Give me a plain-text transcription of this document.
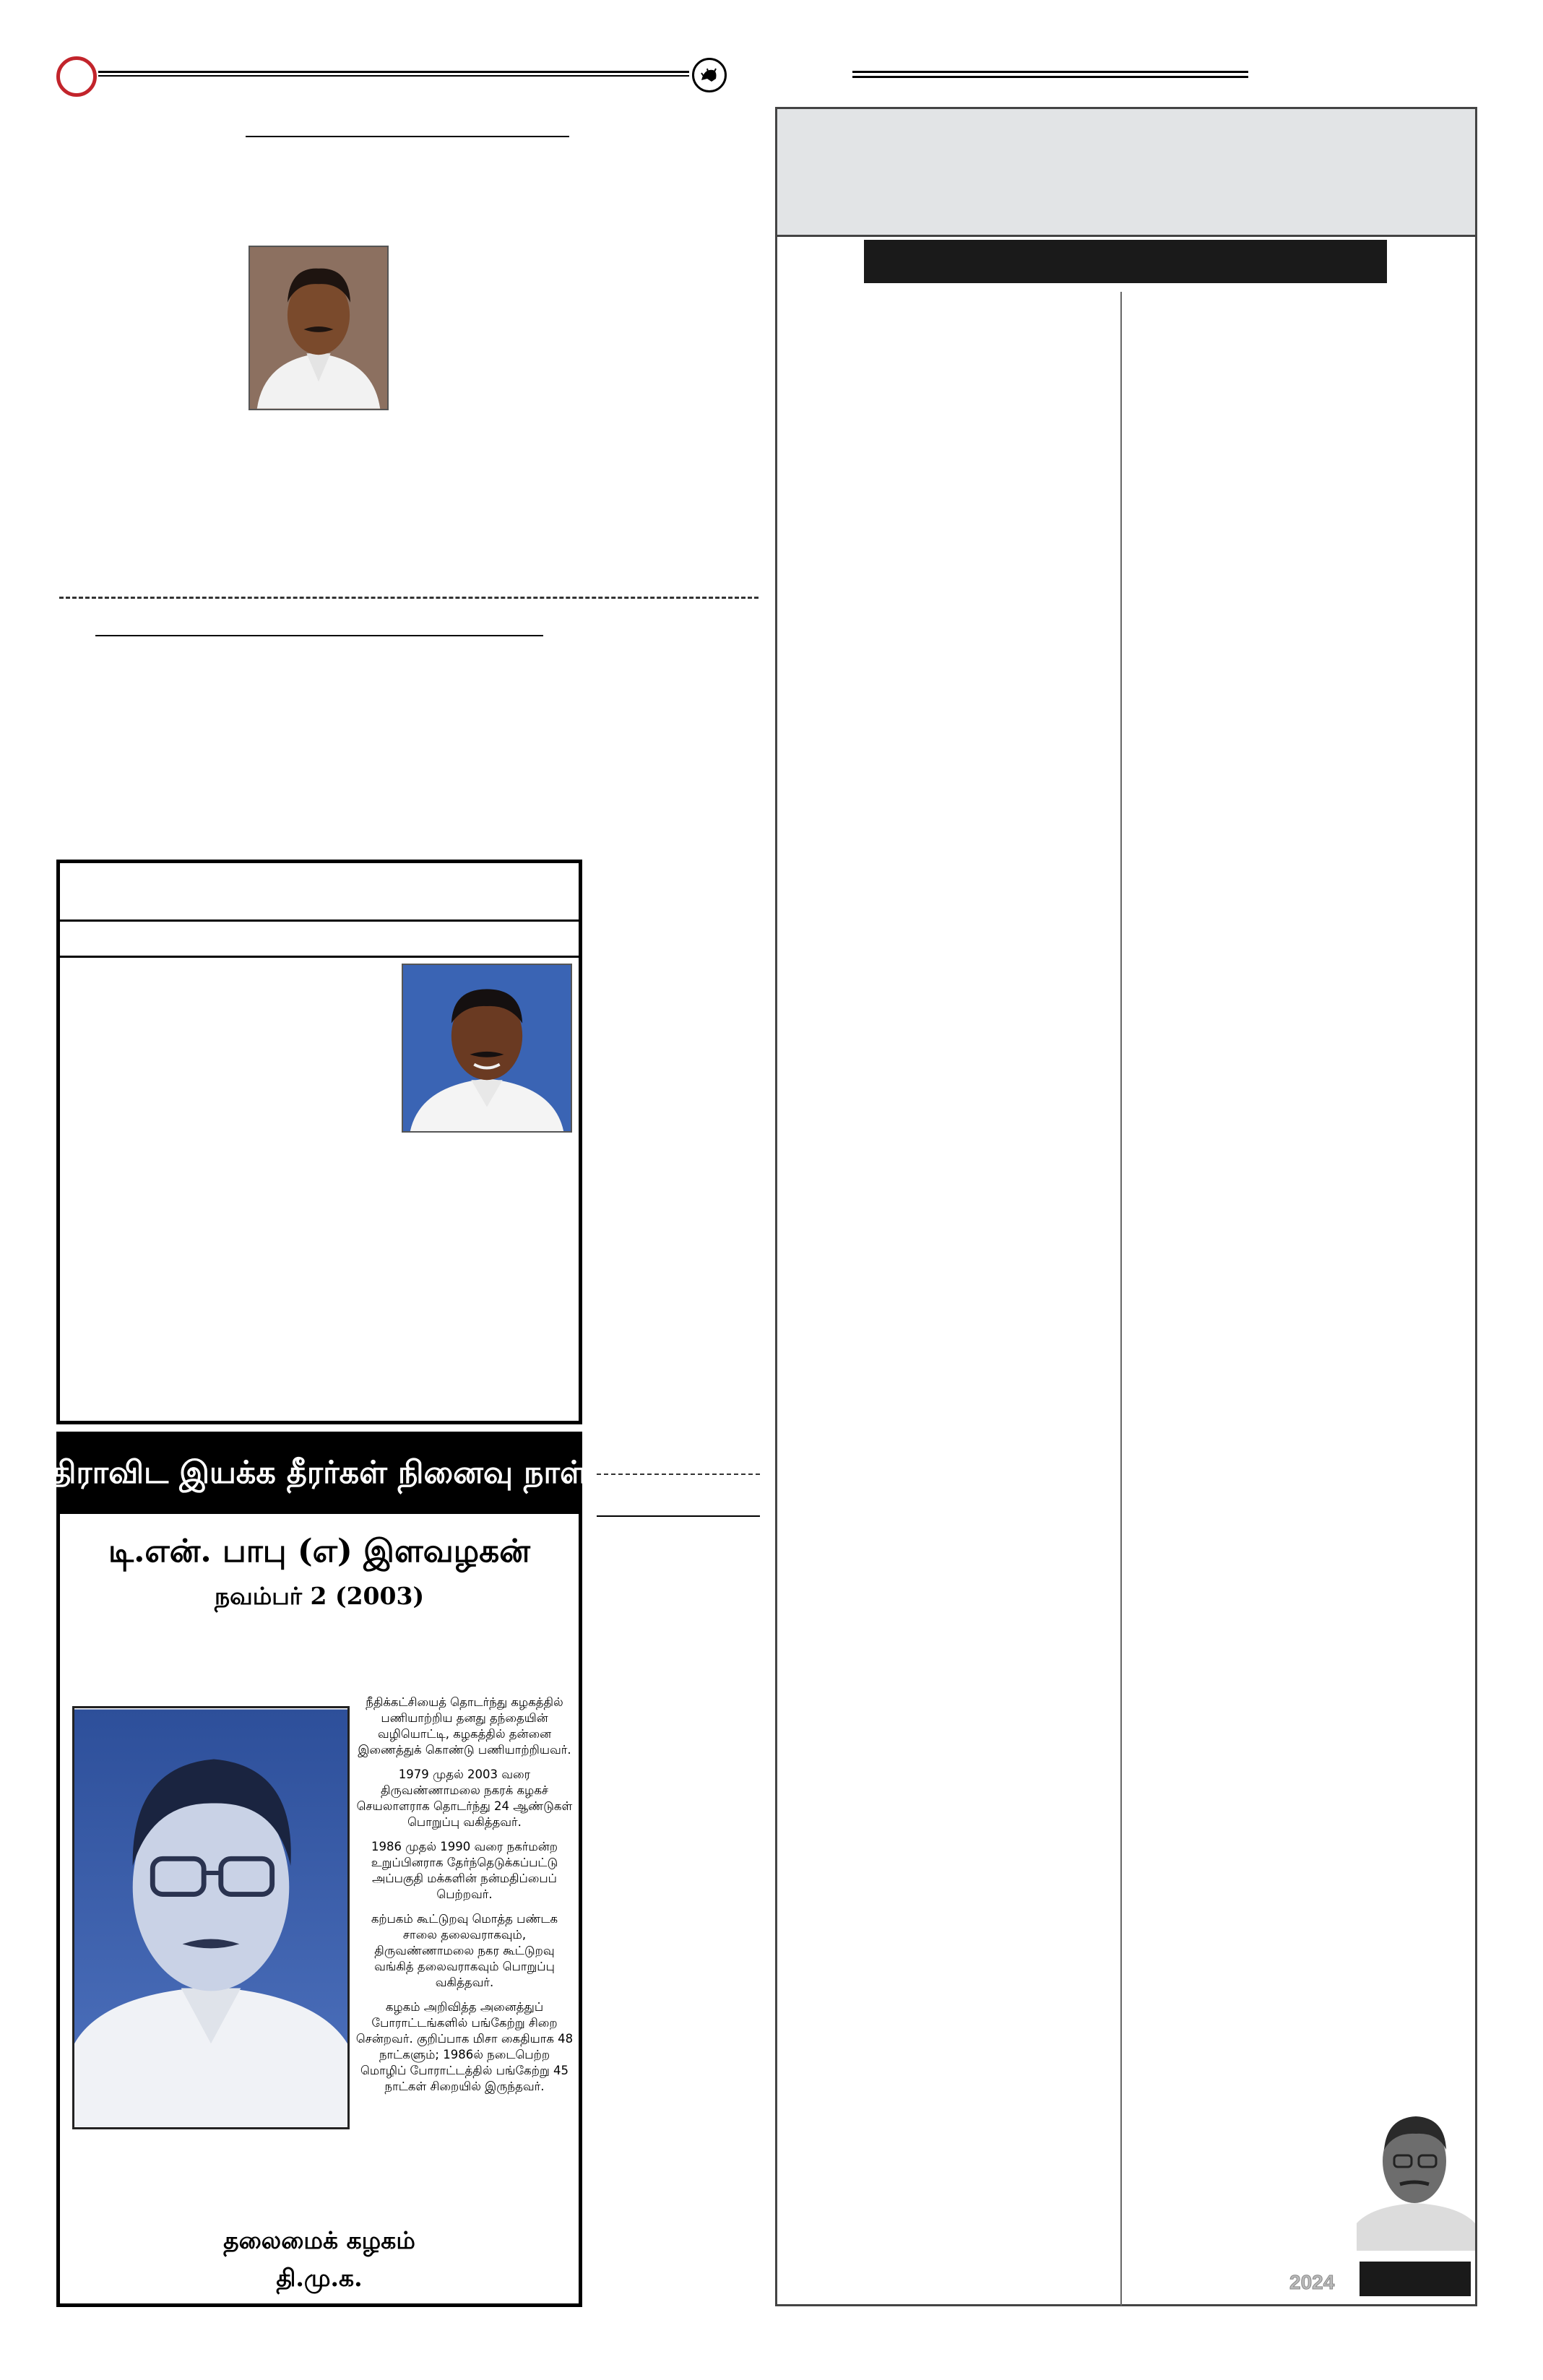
திராவிட இயக்க தீரர்கள் நினைவு நாள்
டி.என். பாபு (எ) இளவழகன்
நவம்பர் 2 (2003)

நீதிக்கட்சியைத் தொடர்ந்து கழகத்தில் பணியாற்றிய தனது தந்தையின் வழியொட்டி, கழகத்தில் தன்னை இணைத்துக் கொண்டு பணியாற்றியவர்.

1979 முதல் 2003 வரை திருவண்ணாமலை நகரக் கழகச் செயலாளராக தொடர்ந்து 24 ஆண்டுகள் பொறுப்பு வகித்தவர்.

1986 முதல் 1990 வரை நகர்மன்ற உறுப்பினராக தேர்ந்தெடுக்கப்பட்டு அப்பகுதி மக்களின் நன்மதிப்பைப் பெற்றவர்.

கற்பகம் கூட்டுறவு மொத்த பண்டக சாலை தலைவராகவும், திருவண்ணாமலை நகர கூட்டுறவு வங்கித் தலைவராகவும் பொறுப்பு வகித்தவர்.

கழகம் அறிவித்த அனைத்துப் போராட்டங்களில் பங்கேற்று சிறை சென்றவர். குறிப்பாக மிசா கைதியாக 48 நாட்களும்; 1986ல் நடைபெற்ற மொழிப் போராட்டத்தில் பங்கேற்று 45 நாட்கள் சிறையில் இருந்தவர்.

தலைமைக் கழகம்
தி.மு.க.	2024
